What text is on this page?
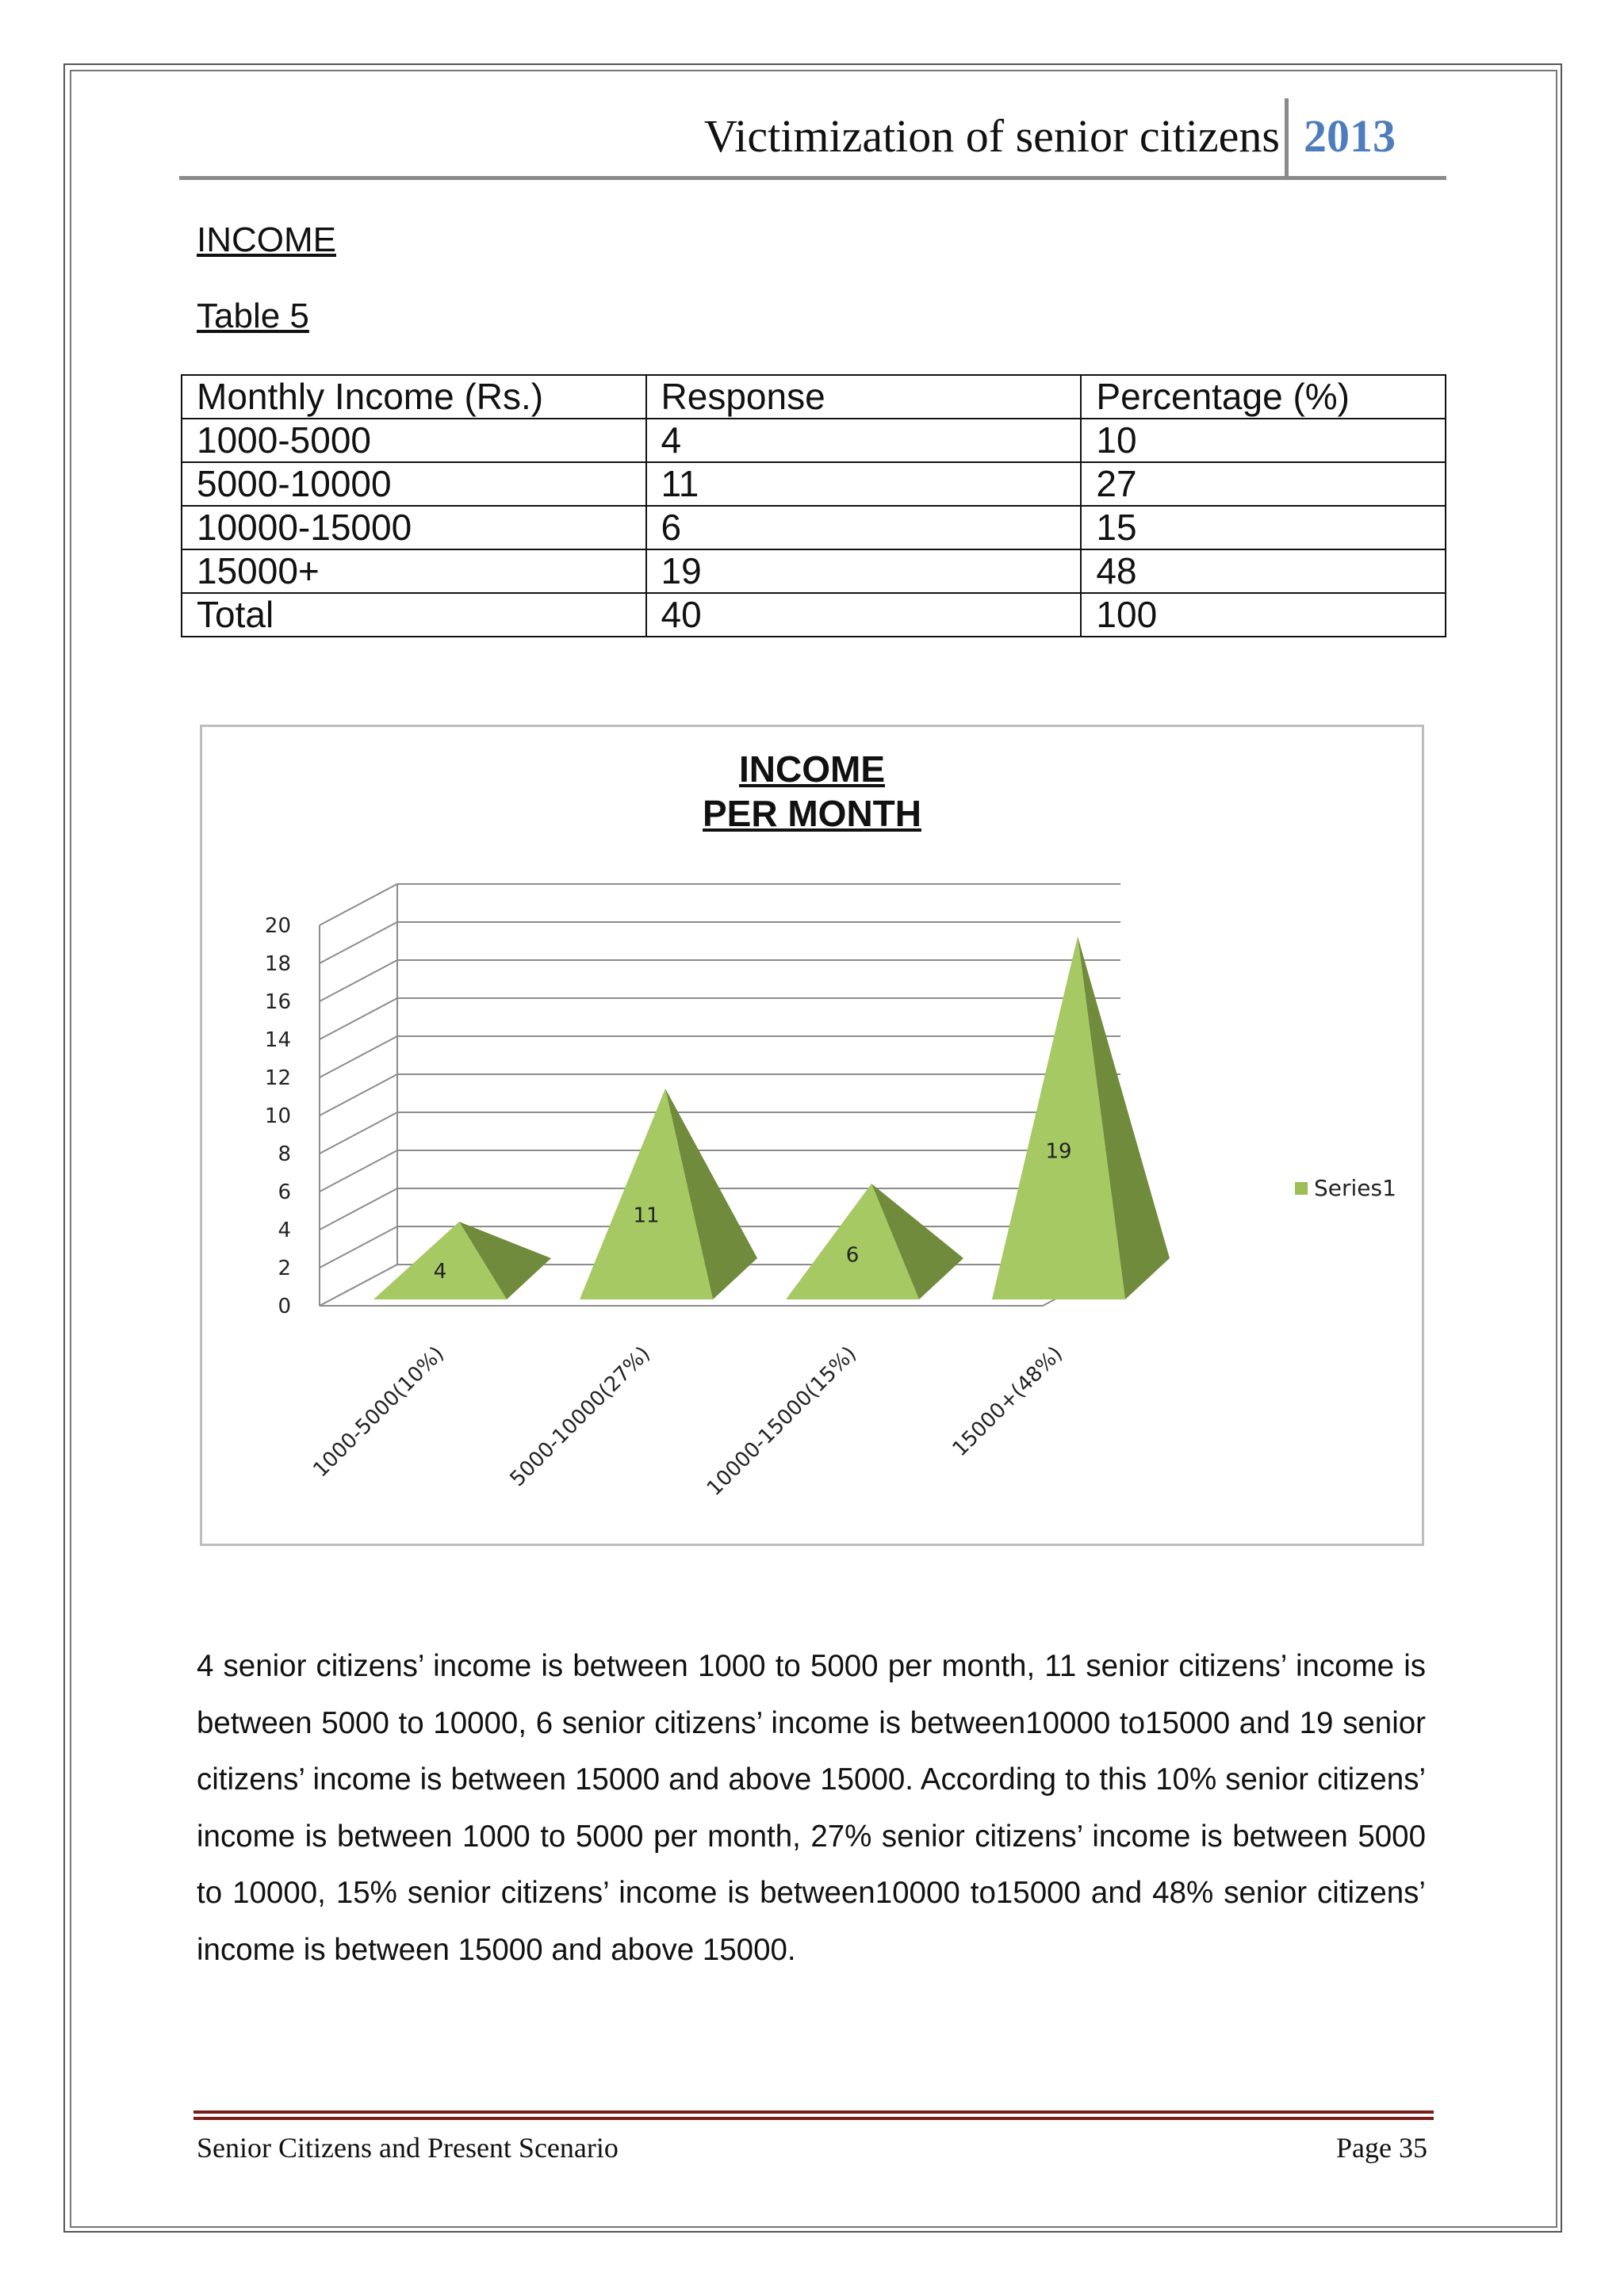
Victimization of senior citizens 2013
INCOME
Table 5
Monthly Income (Rs.)	Response	Percentage (%)
1000-5000	4	10
5000-10000	11	27
10000-15000	6	15
15000+	19	48
Total	40	100
INCOME
PER MONTH
0
2
4
6
8
10
12
14
16
18
20
4
11
6
19
1000-5000(10%)	5000-10000(27%) 10000-15000(15%)	15000+(48%)
Series1
4 senior citizens’ income is between 1000 to 5000 per month, 11 senior citizens’ income is between 5000 to 10000, 6 senior citizens’ income is between10000 to15000 and 19 senior citizens’ income is between 15000 and above 15000. According to this 10% senior citizens’ income is between 1000 to 5000 per month, 27% senior citizens’ income is between 5000 to 10000, 15% senior citizens’ income is between10000 to15000 and 48% senior citizens’ income is between 15000 and above 15000.
Senior Citizens and Present Scenario	Page 35
